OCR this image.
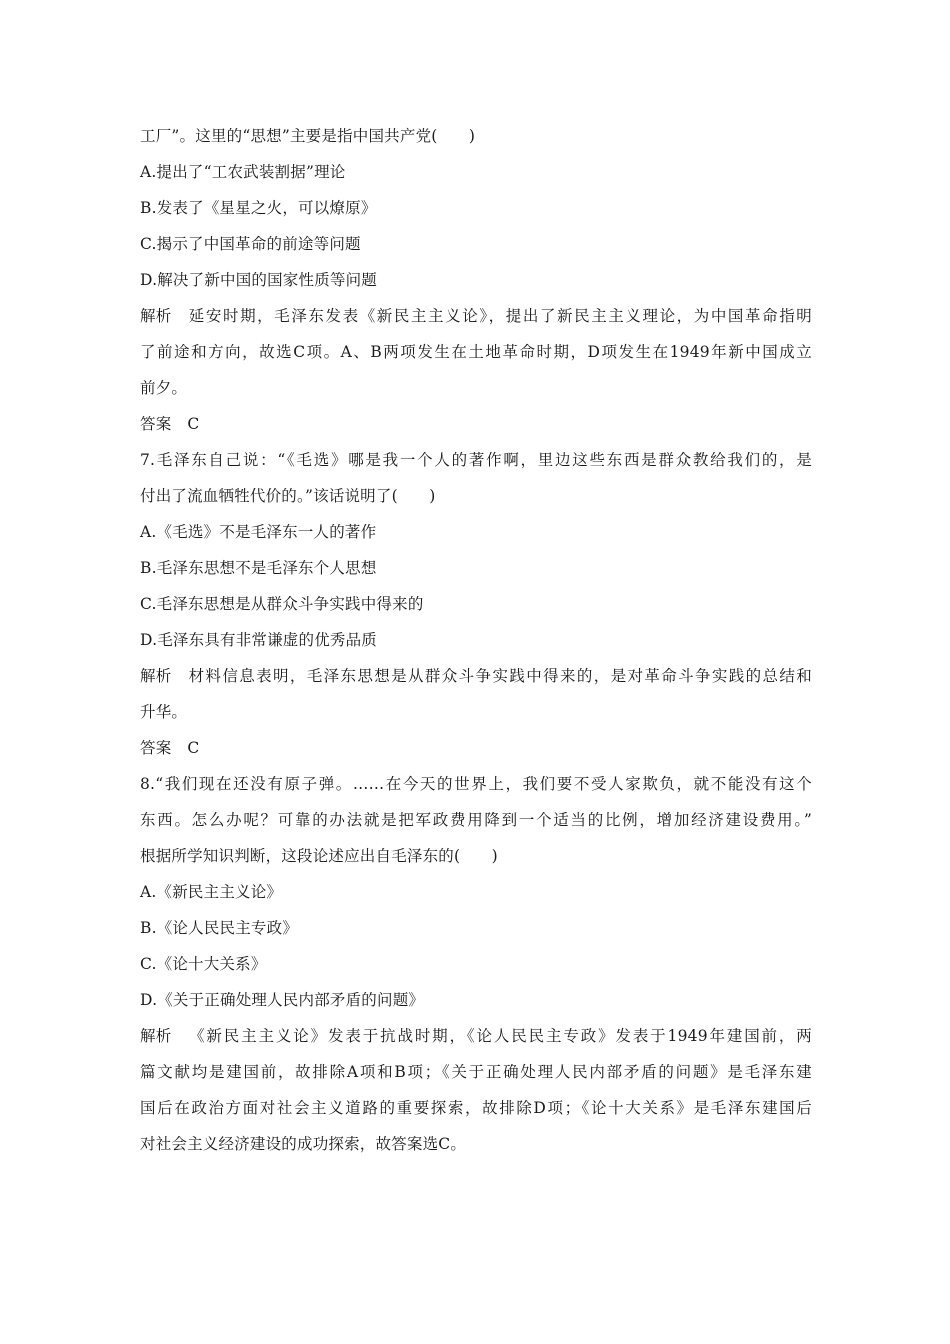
工厂”。这里的“思想”主要是指中国共产党(　　)
A.提出了“工农武装割据”理论
B.发表了《星星之火，可以燎原》
C.揭示了中国革命的前途等问题
D.解决了新中国的国家性质等问题
解析 延安时期，毛泽东发表《新民主主义论》，提出了新民主主义理论，为中国革命指明
了前途和方向，故选C项。A、B两项发生在土地革命时期，D项发生在1949年新中国成立
前夕。
答案 C
7.毛泽东自己说：“《毛选》哪是我一个人的著作啊，里边这些东西是群众教给我们的，是
付出了流血牺牲代价的。”该话说明了(　　)
A.《毛选》不是毛泽东一人的著作
B.毛泽东思想不是毛泽东个人思想
C.毛泽东思想是从群众斗争实践中得来的
D.毛泽东具有非常谦虚的优秀品质
解析 材料信息表明，毛泽东思想是从群众斗争实践中得来的，是对革命斗争实践的总结和
升华。
答案 C
8.“我们现在还没有原子弹。……在今天的世界上，我们要不受人家欺负，就不能没有这个
东西。怎么办呢？可靠的办法就是把军政费用降到一个适当的比例，增加经济建设费用。”
根据所学知识判断，这段论述应出自毛泽东的(　　)
A.《新民主主义论》
B.《论人民民主专政》
C.《论十大关系》
D.《关于正确处理人民内部矛盾的问题》
解析 《新民主主义论》发表于抗战时期，《论人民民主专政》发表于1949年建国前，两
篇文献均是建国前，故排除A项和B项；《关于正确处理人民内部矛盾的问题》是毛泽东建
国后在政治方面对社会主义道路的重要探索，故排除D项；《论十大关系》是毛泽东建国后
对社会主义经济建设的成功探索，故答案选C。
